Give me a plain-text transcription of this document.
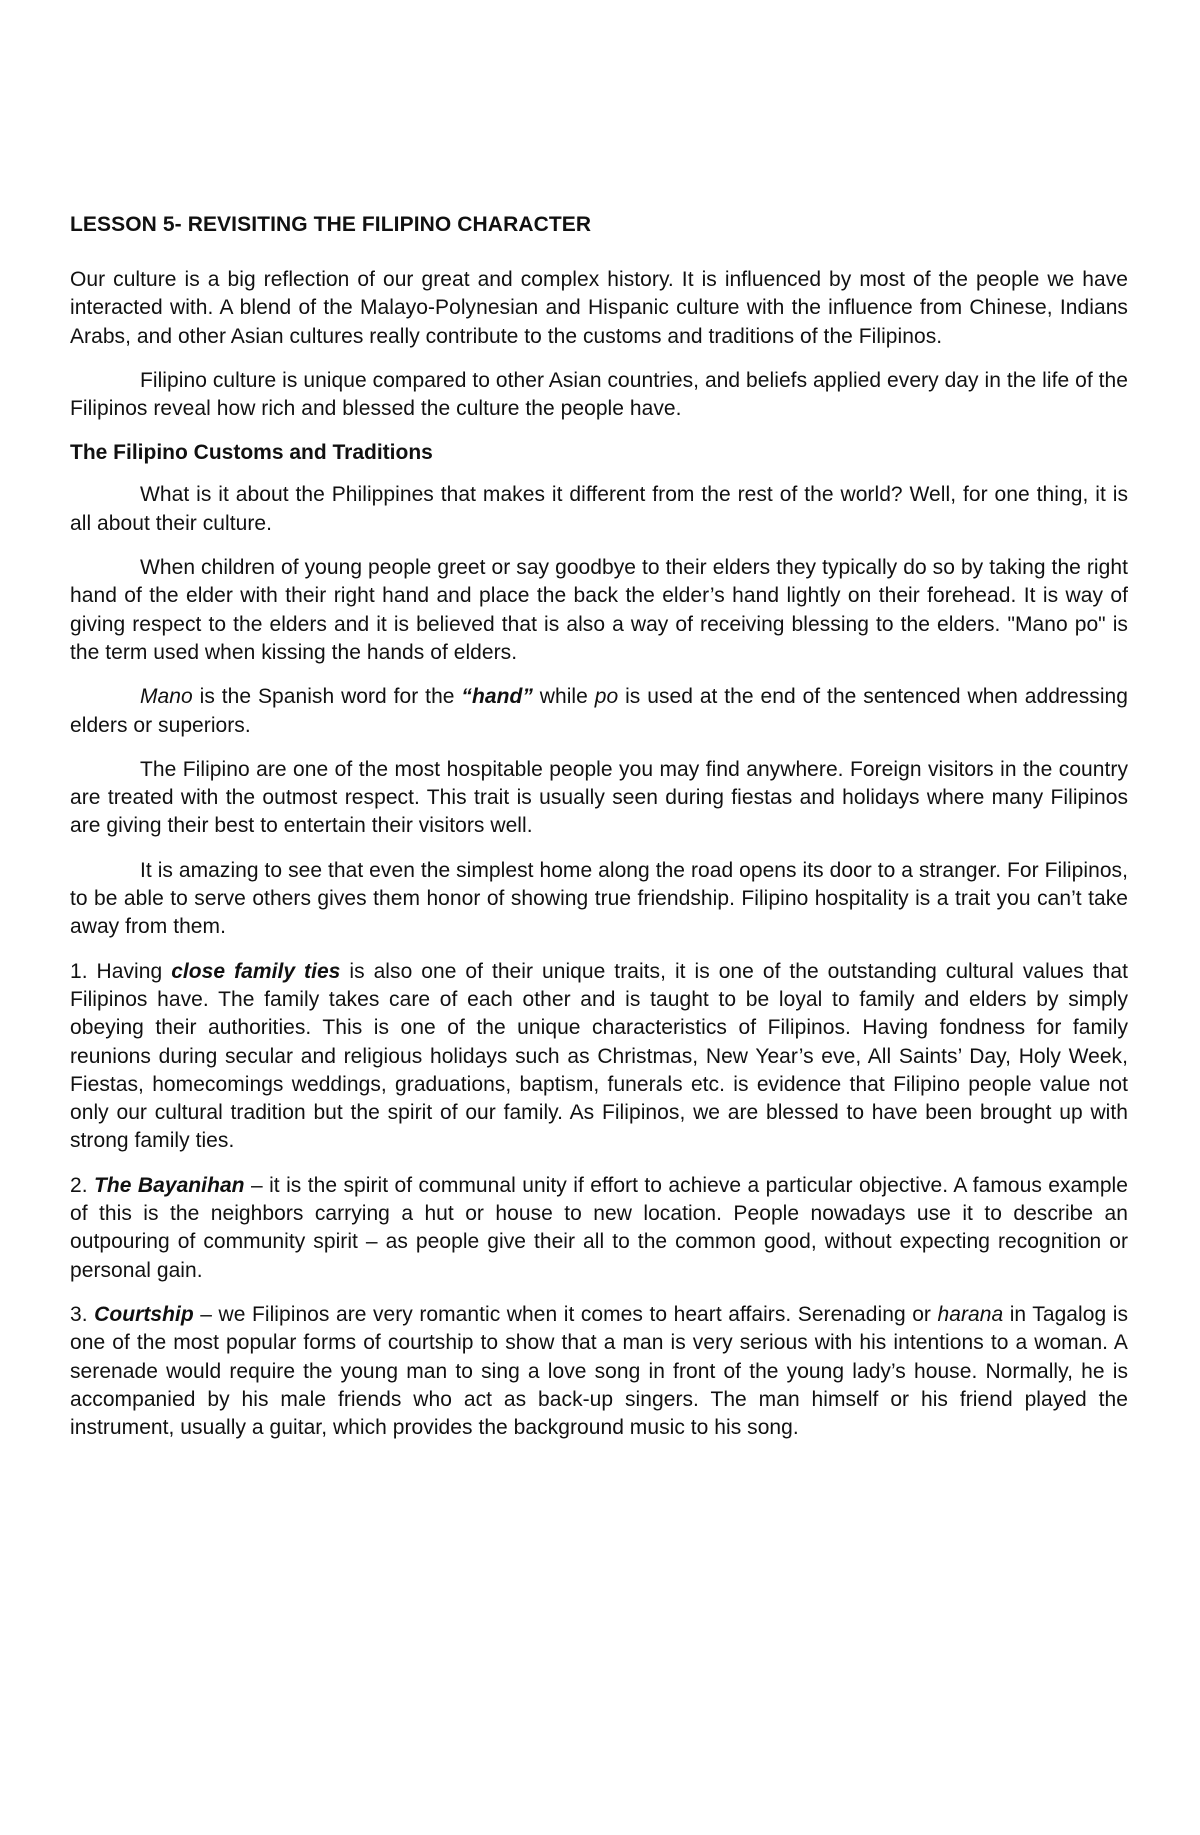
LESSON 5- REVISITING THE FILIPINO CHARACTER

Our culture is a big reflection of our great and complex history. It is influenced by most of the people we have interacted with. A blend of the Malayo-Polynesian and Hispanic culture with the influence from Chinese, Indians Arabs, and other Asian cultures really contribute to the customs and traditions of the Filipinos.

Filipino culture is unique compared to other Asian countries, and beliefs applied every day in the life of the Filipinos reveal how rich and blessed the culture the people have.

The Filipino Customs and Traditions

What is it about the Philippines that makes it different from the rest of the world? Well, for one thing, it is all about their culture.

When children of young people greet or say goodbye to their elders they typically do so by taking the right hand of the elder with their right hand and place the back the elder’s hand lightly on their forehead. It is way of giving respect to the elders and it is believed that is also a way of receiving blessing to the elders. "Mano po" is the term used when kissing the hands of elders.

Mano is the Spanish word for the “hand” while po is used at the end of the sentenced when addressing elders or superiors.

The Filipino are one of the most hospitable people you may find anywhere. Foreign visitors in the country are treated with the outmost respect. This trait is usually seen during fiestas and holidays where many Filipinos are giving their best to entertain their visitors well.

It is amazing to see that even the simplest home along the road opens its door to a stranger. For Filipinos, to be able to serve others gives them honor of showing true friendship. Filipino hospitality is a trait you can’t take away from them.

1. Having close family ties is also one of their unique traits, it is one of the outstanding cultural values that Filipinos have. The family takes care of each other and is taught to be loyal to family and elders by simply obeying their authorities. This is one of the unique characteristics of Filipinos. Having fondness for family reunions during secular and religious holidays such as Christmas, New Year’s eve, All Saints’ Day, Holy Week, Fiestas, homecomings weddings, graduations, baptism, funerals etc. is evidence that Filipino people value not only our cultural tradition but the spirit of our family. As Filipinos, we are blessed to have been brought up with strong family ties.

2. The Bayanihan – it is the spirit of communal unity if effort to achieve a particular objective. A famous example of this is the neighbors carrying a hut or house to new location. People nowadays use it to describe an outpouring of community spirit – as people give their all to the common good, without expecting recognition or personal gain.

3. Courtship – we Filipinos are very romantic when it comes to heart affairs. Serenading or harana in Tagalog is one of the most popular forms of courtship to show that a man is very serious with his intentions to a woman. A serenade would require the young man to sing a love song in front of the young lady’s house. Normally, he is accompanied by his male friends who act as back-up singers. The man himself or his friend played the instrument, usually a guitar, which provides the background music to his song.
